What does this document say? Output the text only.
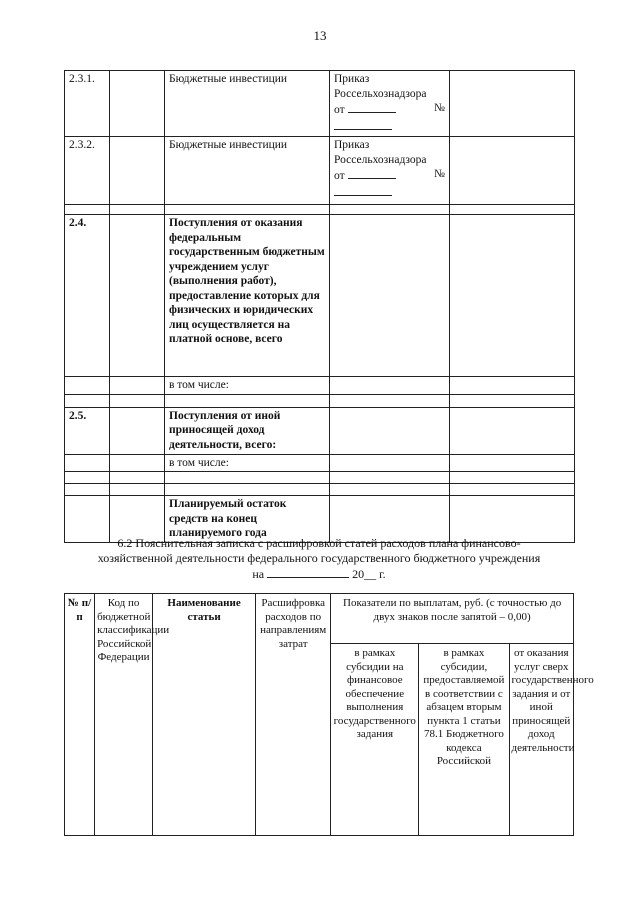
13
2.3.1.		Бюджетные инвестиции	Приказ
Россельхознадзора
от №	

2.3.2.		Бюджетные инвестиции	Приказ
Россельхознадзора
от №	

2.4.		Поступления от оказания федеральным государственным бюджетным учреждением услуг (выполнения работ), предоставление которых для физических и юридических лиц осуществляется на платной основе, всего		
		в том числе:		

2.5.		Поступления от иной приносящей доход деятельности, всего:		
		в том числе:		

		Планируемый остаток средств на конец планируемого года		
6.2 Пояснительная записка с расшифровкой статей расходов плана финансово-
хозяйственной деятельности федерального государственного бюджетного учреждения
на	20__ г.
№ п/п	Код по бюджетной классификации Российской Федерации	Наименование статьи	Расшифровка расходов по направлениям затрат	Показатели по выплатам, руб. (с точностью до двух знаков после запятой – 0,00)		
				в рамках субсидии на финансовое обеспечение выполнения государственного задания	в рамках субсидии, предоставляемой в соответствии с абзацем вторым пункта 1 статьи 78.1 Бюджетного кодекса Российской	от оказания услуг сверх государственного задания и от иной приносящей доход деятельности
